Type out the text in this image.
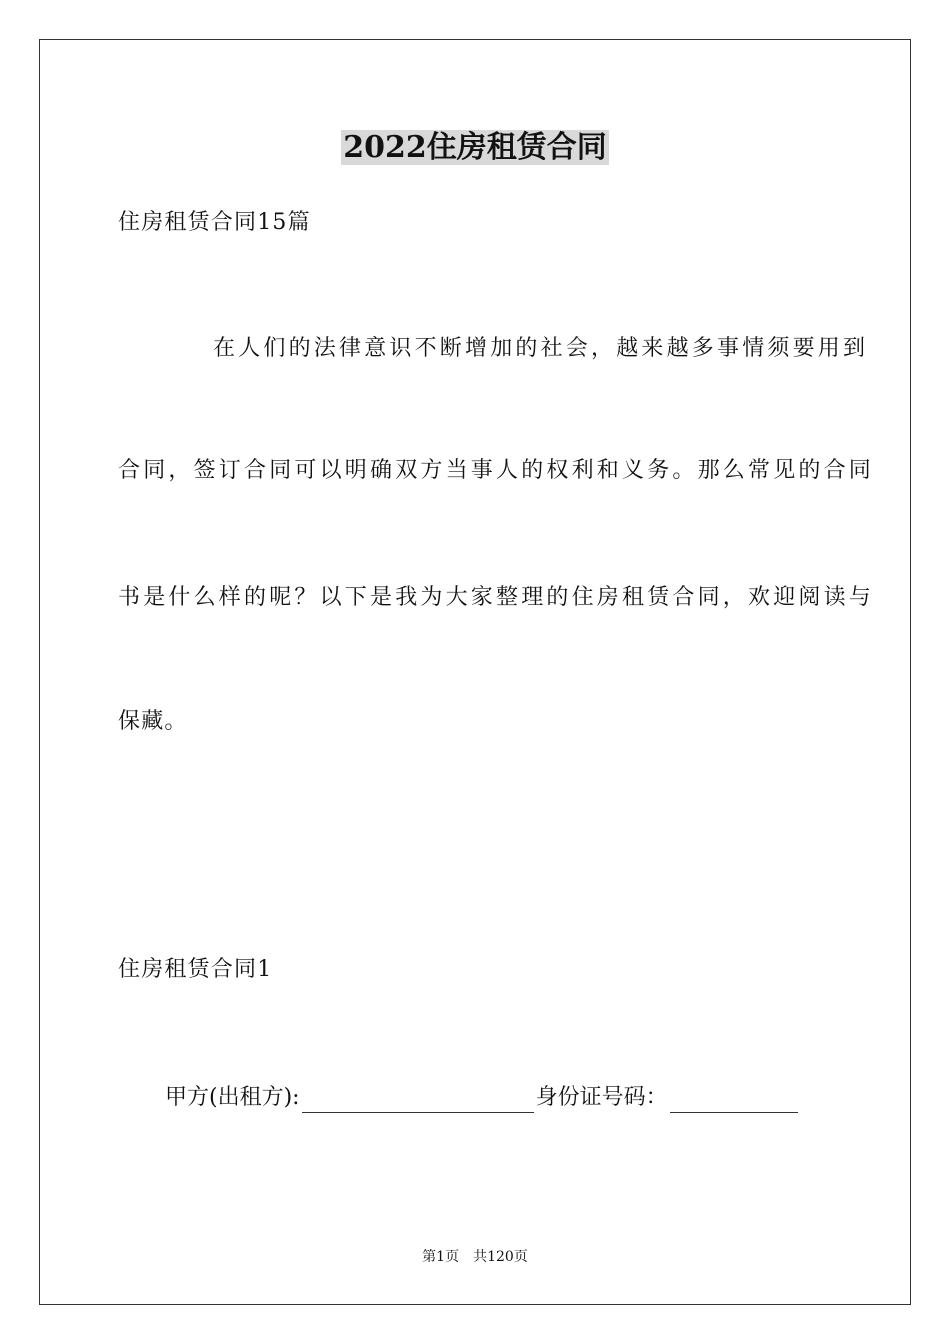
2022住房租赁合同
住房租赁合同15篇
在人们的法律意识不断增加的社会，越来越多事情须要用到
合同，签订合同可以明确双方当事人的权利和义务。那么常见的合同
书是什么样的呢？以下是我为大家整理的住房租赁合同，欢迎阅读与
保藏。
住房租赁合同1
甲方(出租方):	身份证号码：
第1页 共120页
